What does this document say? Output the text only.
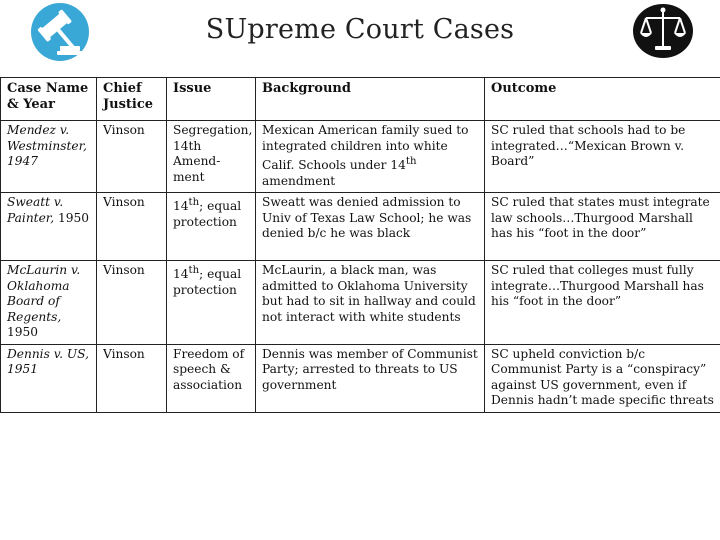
SUpreme Court Cases
Case Name & Year	Chief Justice	Issue	Background	Outcome
Mendez v. Westminster, 1947	Vinson	Segregation, 14th Amend-ment	Mexican American family sued to integrated children into white Calif. Schools under 14th amendment	SC ruled that schools had to be integrated…“Mexican Brown v. Board”
Sweatt v. Painter, 1950	Vinson	14th; equal protection	Sweatt was denied admission to Univ of Texas Law School; he was denied b/c he was black	SC ruled that states must integrate law schools…Thurgood Marshall has his “foot in the door”
McLaurin v. Oklahoma Board of Regents, 1950	Vinson	14th; equal protection	McLaurin, a black man, was admitted to Oklahoma University but had to sit in hallway and could not interact with white students	SC ruled that colleges must fully integrate…Thurgood Marshall has his “foot in the door”
Dennis v. US, 1951	Vinson	Freedom of speech & association	Dennis was member of Communist Party; arrested to threats to US government	SC upheld conviction b/c Communist Party is a “conspiracy” against US government, even if Dennis hadn’t made specific threats
